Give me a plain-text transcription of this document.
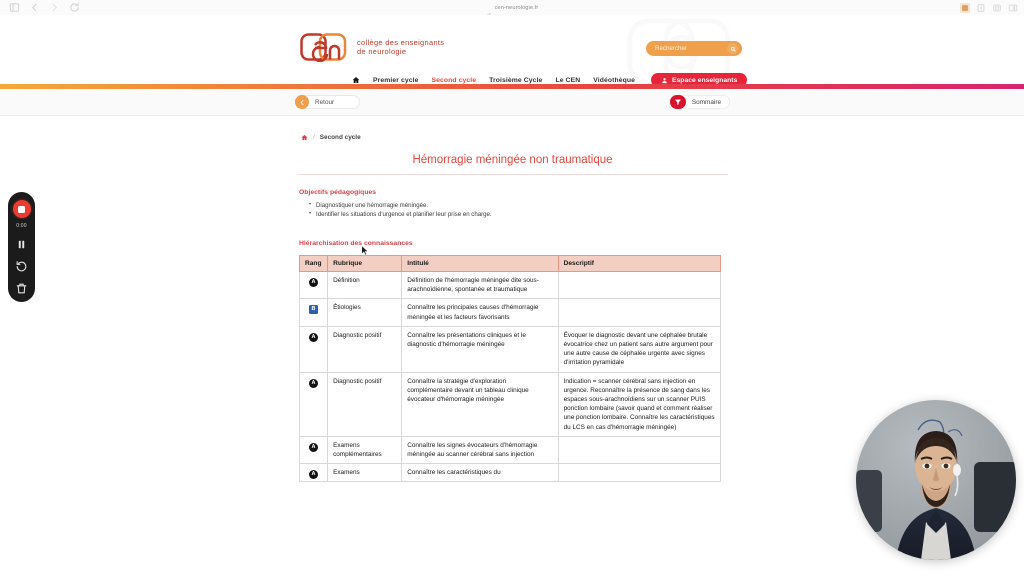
cen-neurologie.fr
collège des enseignants
de neurologie	Rechercher
Premier cycle Second cycle Troisième Cycle Le CEN Vidéothèque	Espace enseignants
Retour	Sommaire
/ Second cycle
Hémorragie méningée non traumatique
Objectifs pédagogiques
• Diagnostiquer une hémorragie méningée.
• Identifier les situations d'urgence et planifier leur prise en charge.
Hiérarchisation des connaissances
Rang	Rubrique	Intitulé	Descriptif
A	Définition	Définition de l'hémorragie méningée dite sous-arachnoïdienne, spontanée et traumatique	
B	Étiologies	Connaître les principales causes d'hémorragie méningée et les facteurs favorisants	
A	Diagnostic positif	Connaître les présentations cliniques et le diagnostic d'hémorragie méningée	Évoquer le diagnostic devant une céphalée brutale évocatrice chez un patient sans autre argument pour une autre cause de céphalée urgente avec signes d'irritation pyramidale
A	Diagnostic positif	Connaître la stratégie d'exploration complémentaire devant un tableau clinique évocateur d'hémorragie méningée	Indication = scanner cérébral sans injection en urgence. Reconnaître la présence de sang dans les espaces sous-arachnoïdiens sur un scanner PUIS ponction lombaire (savoir quand et comment réaliser une ponction lombaire. Connaître les caractéristiques du LCS en cas d'hémorragie méningée)
A	Examens complémentaires	Connaître les signes évocateurs d'hémorragie méningée au scanner cérébral sans injection	
A	Examens	Connaître les caractéristiques du	
0:00
